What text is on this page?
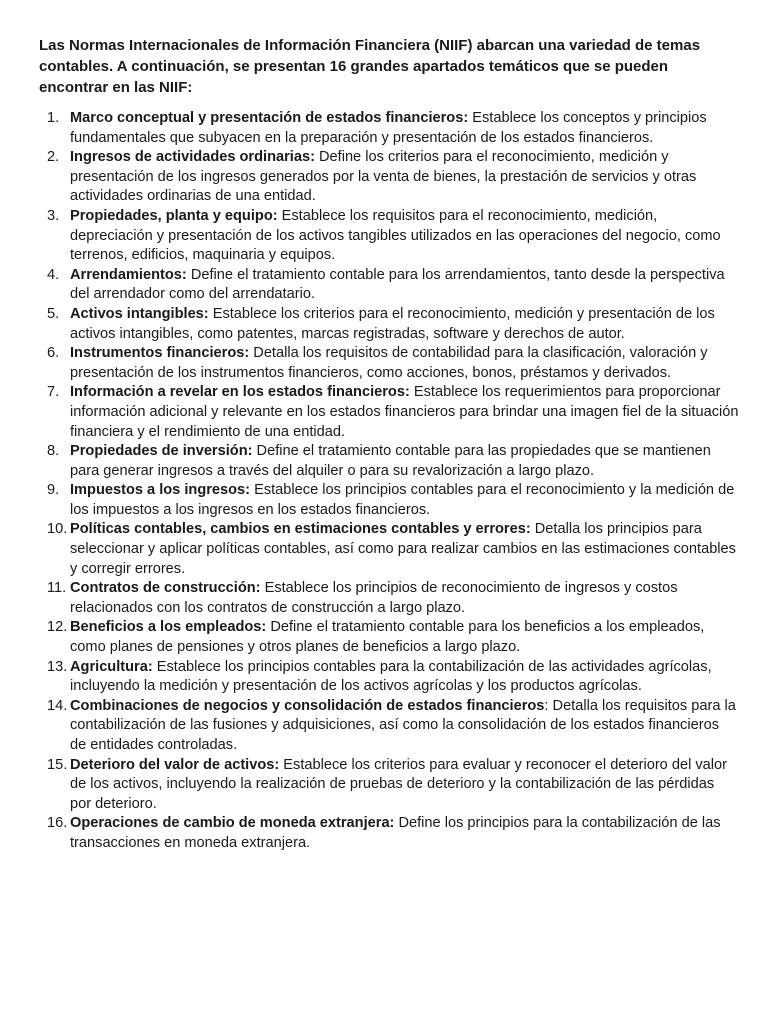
Las Normas Internacionales de Información Financiera (NIIF) abarcan una variedad de temas contables. A continuación, se presentan 16 grandes apartados temáticos que se pueden encontrar en las NIIF:

1. Marco conceptual y presentación de estados financieros: Establece los conceptos y principios fundamentales que subyacen en la preparación y presentación de los estados financieros.
2. Ingresos de actividades ordinarias: Define los criterios para el reconocimiento, medición y presentación de los ingresos generados por la venta de bienes, la prestación de servicios y otras actividades ordinarias de una entidad.
3. Propiedades, planta y equipo: Establece los requisitos para el reconocimiento, medición, depreciación y presentación de los activos tangibles utilizados en las operaciones del negocio, como terrenos, edificios, maquinaria y equipos.
4. Arrendamientos: Define el tratamiento contable para los arrendamientos, tanto desde la perspectiva del arrendador como del arrendatario.
5. Activos intangibles: Establece los criterios para el reconocimiento, medición y presentación de los activos intangibles, como patentes, marcas registradas, software y derechos de autor.
6. Instrumentos financieros: Detalla los requisitos de contabilidad para la clasificación, valoración y presentación de los instrumentos financieros, como acciones, bonos, préstamos y derivados.
7. Información a revelar en los estados financieros: Establece los requerimientos para proporcionar información adicional y relevante en los estados financieros para brindar una imagen fiel de la situación financiera y el rendimiento de una entidad.
8. Propiedades de inversión: Define el tratamiento contable para las propiedades que se mantienen para generar ingresos a través del alquiler o para su revalorización a largo plazo.
9. Impuestos a los ingresos: Establece los principios contables para el reconocimiento y la medición de los impuestos a los ingresos en los estados financieros.
10. Políticas contables, cambios en estimaciones contables y errores: Detalla los principios para seleccionar y aplicar políticas contables, así como para realizar cambios en las estimaciones contables y corregir errores.
11. Contratos de construcción: Establece los principios de reconocimiento de ingresos y costos relacionados con los contratos de construcción a largo plazo.
12. Beneficios a los empleados: Define el tratamiento contable para los beneficios a los empleados, como planes de pensiones y otros planes de beneficios a largo plazo.
13. Agricultura: Establece los principios contables para la contabilización de las actividades agrícolas, incluyendo la medición y presentación de los activos agrícolas y los productos agrícolas.
14. Combinaciones de negocios y consolidación de estados financieros: Detalla los requisitos para la contabilización de las fusiones y adquisiciones, así como la consolidación de los estados financieros de entidades controladas.
15. Deterioro del valor de activos: Establece los criterios para evaluar y reconocer el deterioro del valor de los activos, incluyendo la realización de pruebas de deterioro y la contabilización de las pérdidas por deterioro.
16. Operaciones de cambio de moneda extranjera: Define los principios para la contabilización de las transacciones en moneda extranjera.
